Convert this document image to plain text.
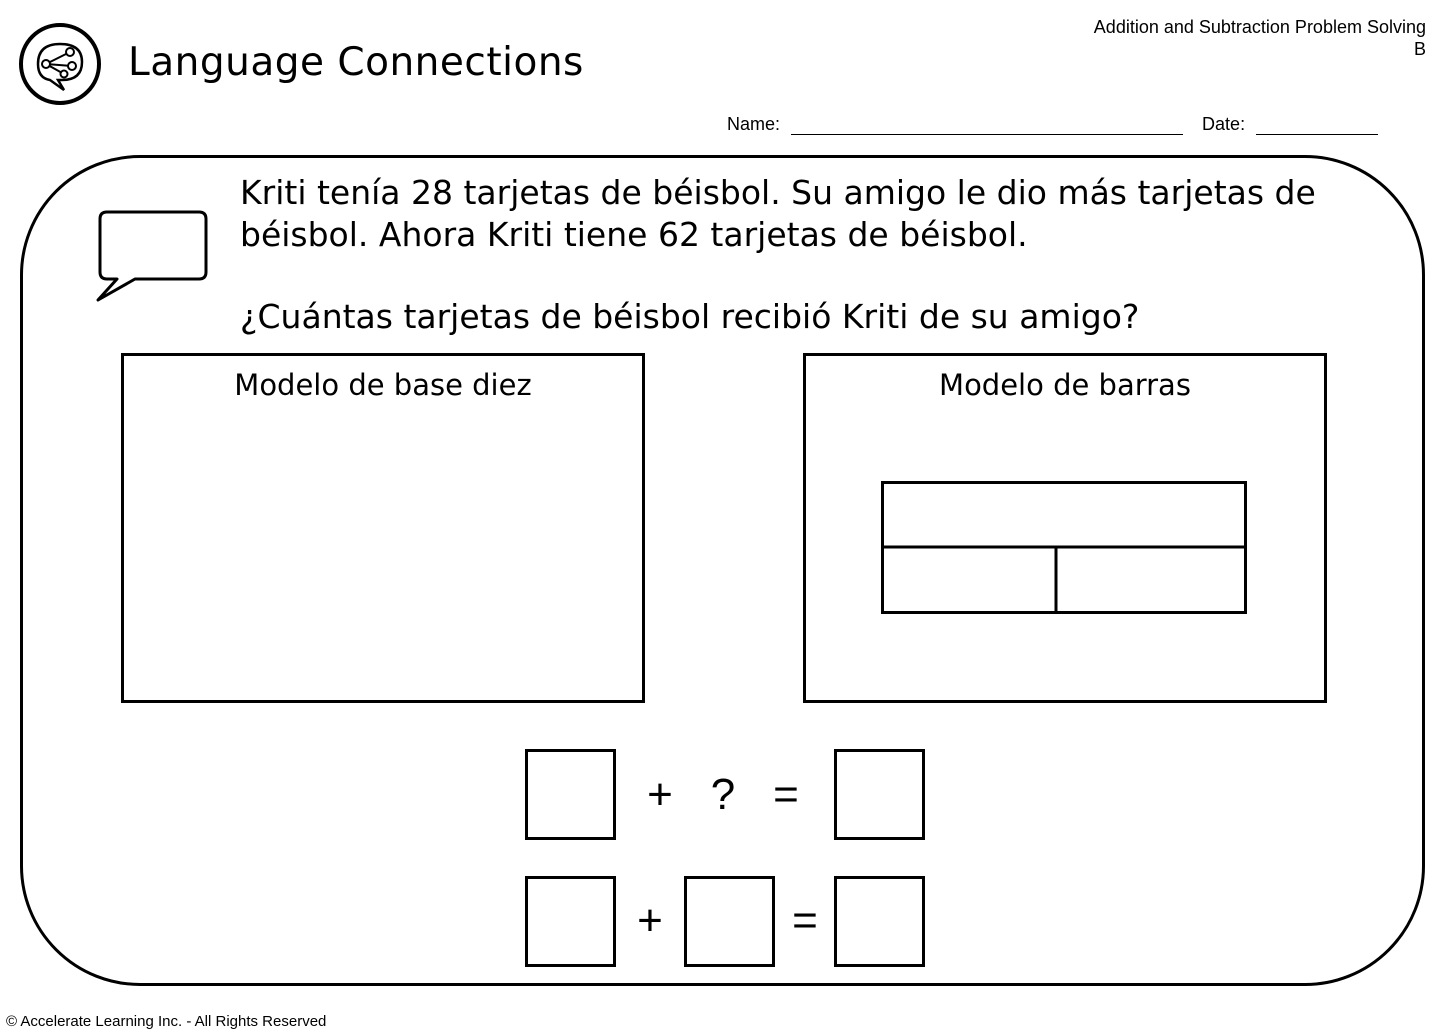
Language Connections
Addition and Subtraction Problem Solving
B
Name:	Date:
Kriti tenía 28 tarjetas de béisbol. Su amigo le dio más tarjetas de béisbol. Ahora Kriti tiene 62 tarjetas de béisbol.
¿Cuántas tarjetas de béisbol recibió Kriti de su amigo?
Modelo de base diez	Modelo de barras
+ ? =
+	=
© Accelerate Learning Inc. - All Rights Reserved
